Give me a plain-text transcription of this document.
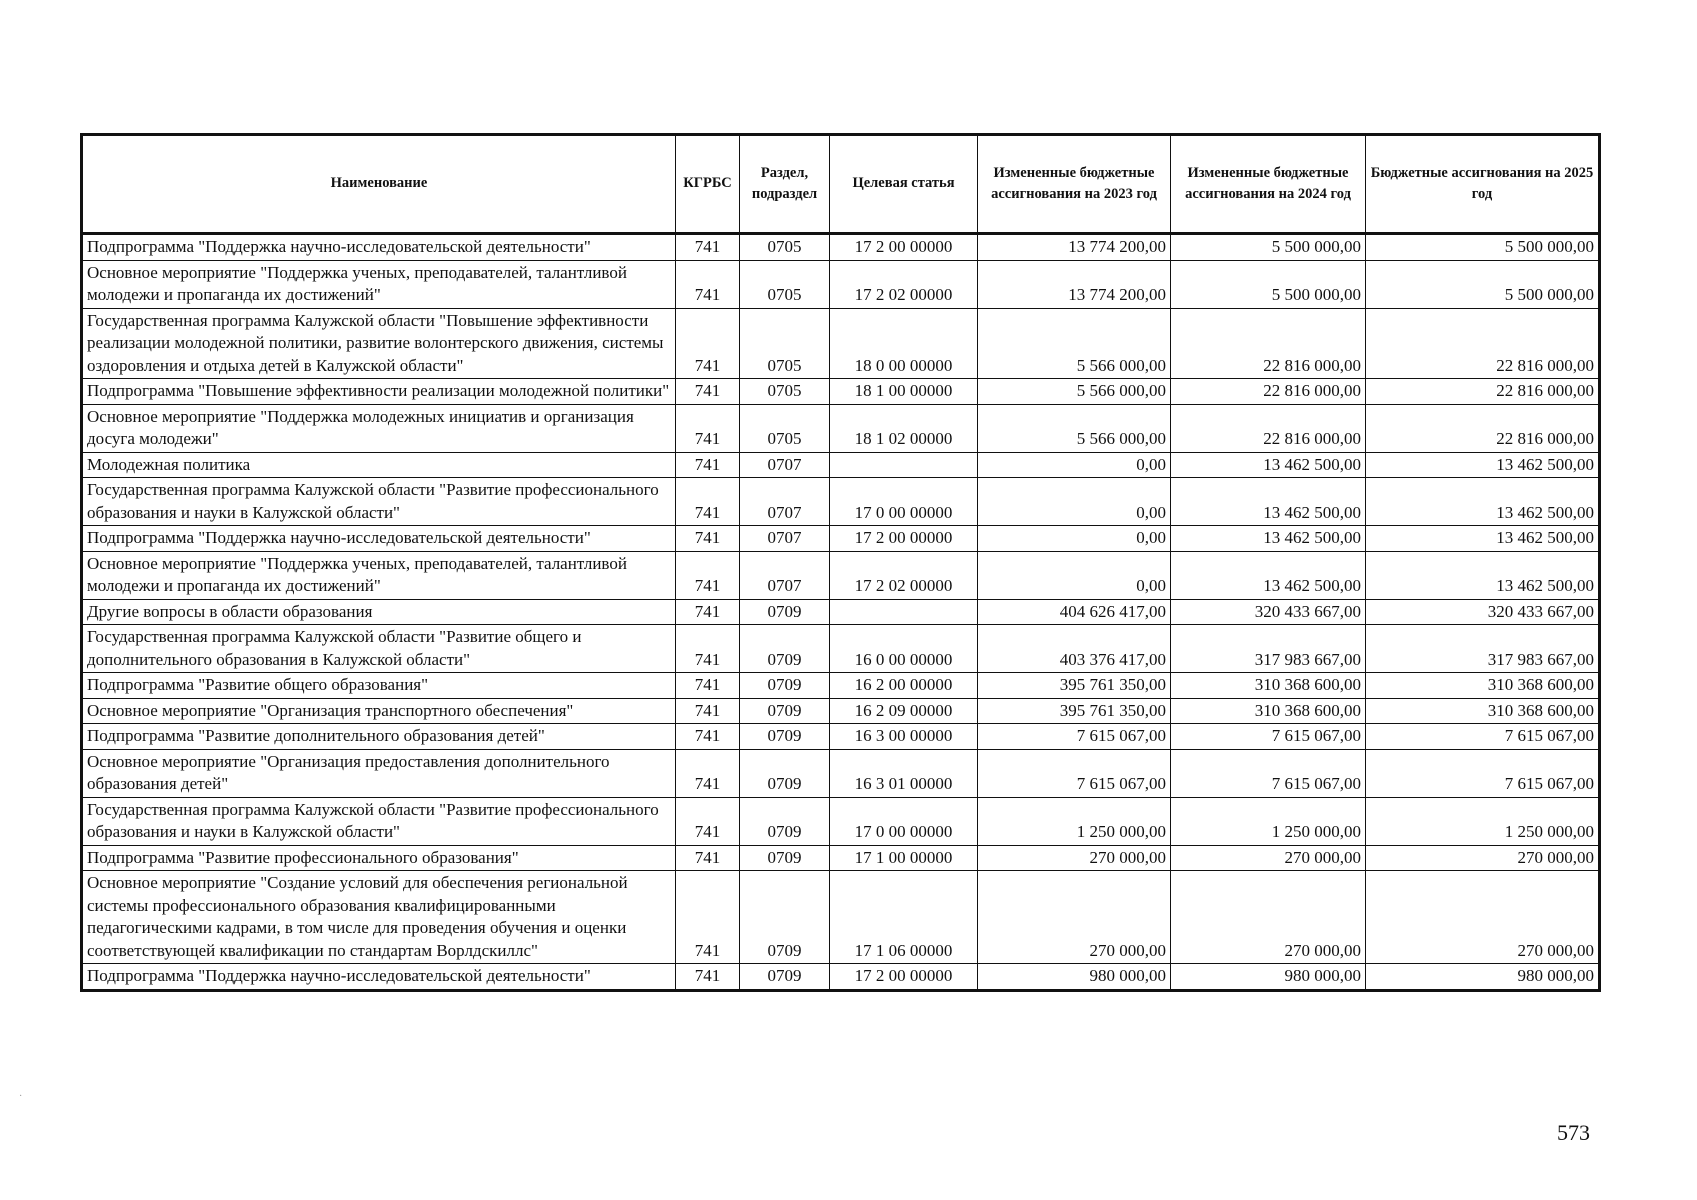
Наименование	КГРБС	Раздел, подраздел	Целевая статья	Измененные бюджетные ассигнования на 2023 год	Измененные бюджетные ассигнования на 2024 год	Бюджетные ассигнования на 2025 год
Подпрограмма "Поддержка научно-исследовательской деятельности"	741	0705	17 2 00 00000	13 774 200,00	5 500 000,00	5 500 000,00
Основное мероприятие "Поддержка ученых, преподавателей, талантливой молодежи и пропаганда их достижений"	741	0705	17 2 02 00000	13 774 200,00	5 500 000,00	5 500 000,00
Государственная программа Калужской области "Повышение эффективности реализации молодежной политики, развитие волонтерского движения, системы оздоровления и отдыха детей в Калужской области"	741	0705	18 0 00 00000	5 566 000,00	22 816 000,00	22 816 000,00
Подпрограмма "Повышение эффективности реализации молодежной политики"	741	0705	18 1 00 00000	5 566 000,00	22 816 000,00	22 816 000,00
Основное мероприятие "Поддержка молодежных инициатив и организация досуга молодежи"	741	0705	18 1 02 00000	5 566 000,00	22 816 000,00	22 816 000,00
Молодежная политика	741	0707		0,00	13 462 500,00	13 462 500,00
Государственная программа Калужской области "Развитие профессионального образования и науки в Калужской области"	741	0707	17 0 00 00000	0,00	13 462 500,00	13 462 500,00
Подпрограмма "Поддержка научно-исследовательской деятельности"	741	0707	17 2 00 00000	0,00	13 462 500,00	13 462 500,00
Основное мероприятие "Поддержка ученых, преподавателей, талантливой молодежи и пропаганда их достижений"	741	0707	17 2 02 00000	0,00	13 462 500,00	13 462 500,00
Другие вопросы в области образования	741	0709		404 626 417,00	320 433 667,00	320 433 667,00
Государственная программа Калужской области "Развитие общего и дополнительного образования в Калужской области"	741	0709	16 0 00 00000	403 376 417,00	317 983 667,00	317 983 667,00
Подпрограмма "Развитие общего образования"	741	0709	16 2 00 00000	395 761 350,00	310 368 600,00	310 368 600,00
Основное мероприятие "Организация транспортного обеспечения"	741	0709	16 2 09 00000	395 761 350,00	310 368 600,00	310 368 600,00
Подпрограмма "Развитие дополнительного образования детей"	741	0709	16 3 00 00000	7 615 067,00	7 615 067,00	7 615 067,00
Основное мероприятие "Организация предоставления дополнительного образования детей"	741	0709	16 3 01 00000	7 615 067,00	7 615 067,00	7 615 067,00
Государственная программа Калужской области "Развитие профессионального образования и науки в Калужской области"	741	0709	17 0 00 00000	1 250 000,00	1 250 000,00	1 250 000,00
Подпрограмма "Развитие профессионального образования"	741	0709	17 1 00 00000	270 000,00	270 000,00	270 000,00
Основное мероприятие "Создание условий для обеспечения региональной системы профессионального образования квалифицированными педагогическими кадрами, в том числе для проведения обучения и оценки соответствующей квалификации по стандартам Ворлдскиллс"	741	0709	17 1 06 00000	270 000,00	270 000,00	270 000,00
Подпрограмма "Поддержка научно-исследовательской деятельности"	741	0709	17 2 00 00000	980 000,00	980 000,00	980 000,00
573
·
